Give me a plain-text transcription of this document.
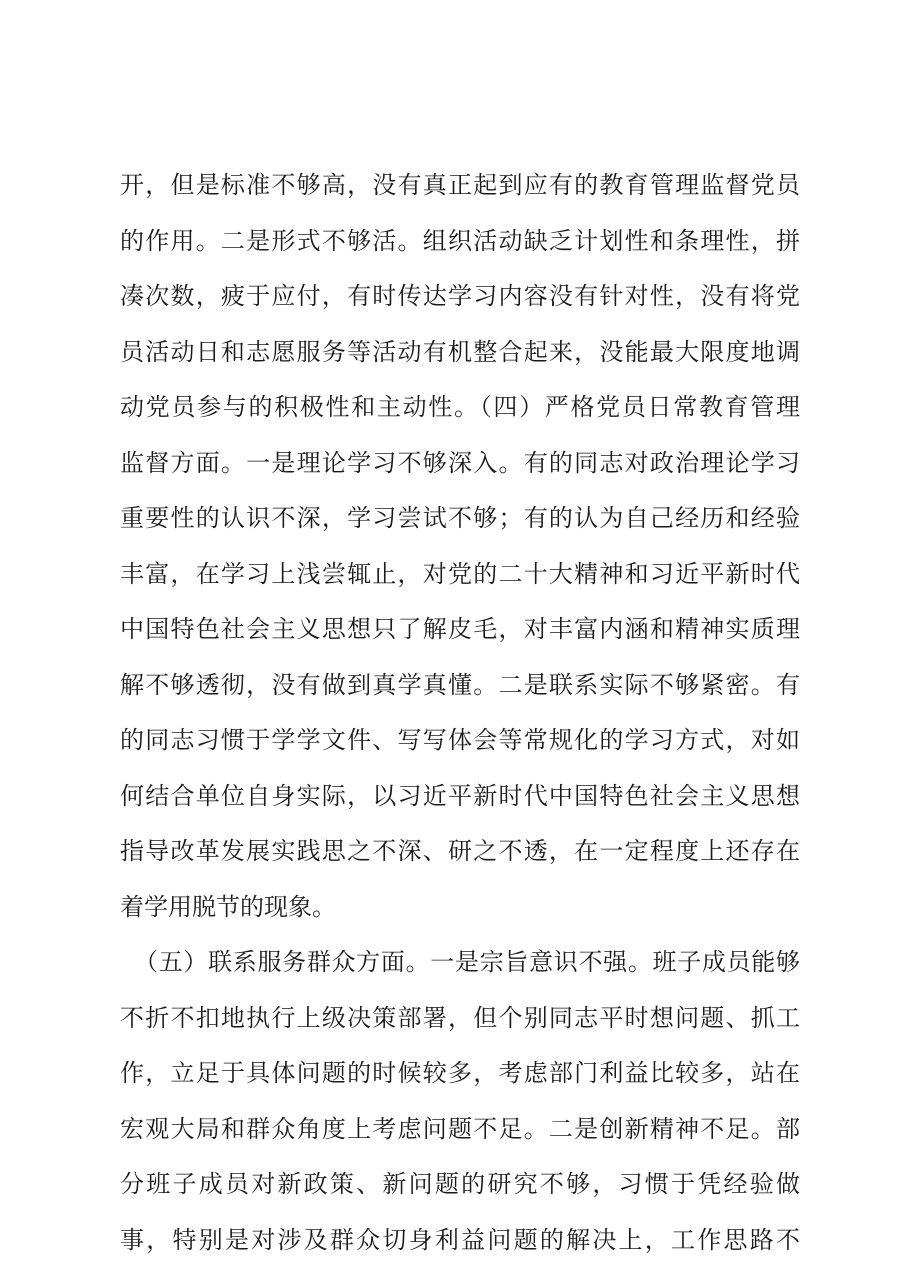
开，但是标准不够高，没有真正起到应有的教育管理监督党员
的作用。二是形式不够活。组织活动缺乏计划性和条理性，拼
凑次数，疲于应付，有时传达学习内容没有针对性，没有将党
员活动日和志愿服务等活动有机整合起来，没能最大限度地调
动党员参与的积极性和主动性。（四）严格党员日常教育管理
监督方面。一是理论学习不够深入。有的同志对政治理论学习
重要性的认识不深，学习尝试不够；有的认为自己经历和经验
丰富，在学习上浅尝辄止，对党的二十大精神和习近平新时代
中国特色社会主义思想只了解皮毛，对丰富内涵和精神实质理
解不够透彻，没有做到真学真懂。二是联系实际不够紧密。有
的同志习惯于学学文件、写写体会等常规化的学习方式，对如
何结合单位自身实际，以习近平新时代中国特色社会主义思想
指导改革发展实践思之不深、研之不透，在一定程度上还存在
着学用脱节的现象。
（五）联系服务群众方面。一是宗旨意识不强。班子成员能够
不折不扣地执行上级决策部署，但个别同志平时想问题、抓工
作，立足于具体问题的时候较多，考虑部门利益比较多，站在
宏观大局和群众角度上考虑问题不足。二是创新精神不足。部
分班子成员对新政策、新问题的研究不够，习惯于凭经验做
事，特别是对涉及群众切身利益问题的解决上，工作思路不
